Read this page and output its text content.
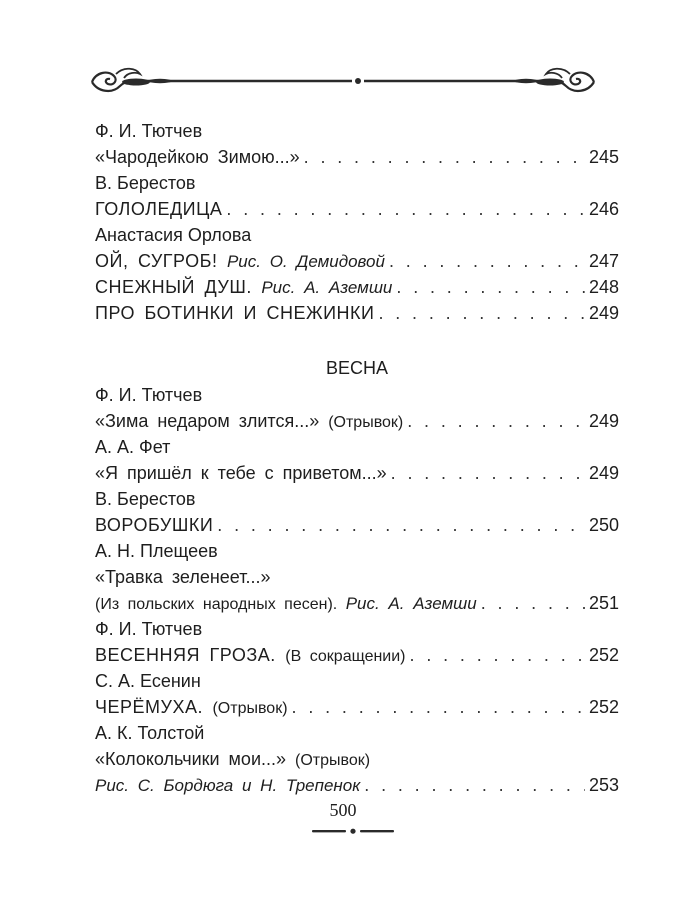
Ф. И. Тютчев
«Чародейкою Зимою...» . . .	245
В. Берестов
ГОЛОЛЕДИЦА . . .	246
Анастасия Орлова
ОЙ, СУГРОБ! Рис. О. Демидовой . . .	247
СНЕЖНЫЙ ДУШ. Рис. А. Аземши . . .	248
ПРО БОТИНКИ И СНЕЖИНКИ . . .	249
ВЕСНА
Ф. И. Тютчев
«Зима недаром злится...» (Отрывок) . . .	249
А. А. Фет
«Я пришёл к тебе с приветом...» . . .	249
В. Берестов
ВОРОБУШКИ . . .	250
А. Н. Плещеев
«Травка зеленеет...»
(Из польских народных песен). Рис. А. Аземши . . .	251
Ф. И. Тютчев
ВЕСЕННЯЯ ГРОЗА. (В сокращении) . . .	252
С. А. Есенин
ЧЕРЁМУХА. (Отрывок) . . .	252
А. К. Толстой
«Колокольчики мои...» (Отрывок)
Рис. С. Бордюга и Н. Трепенок . . .	253
500
